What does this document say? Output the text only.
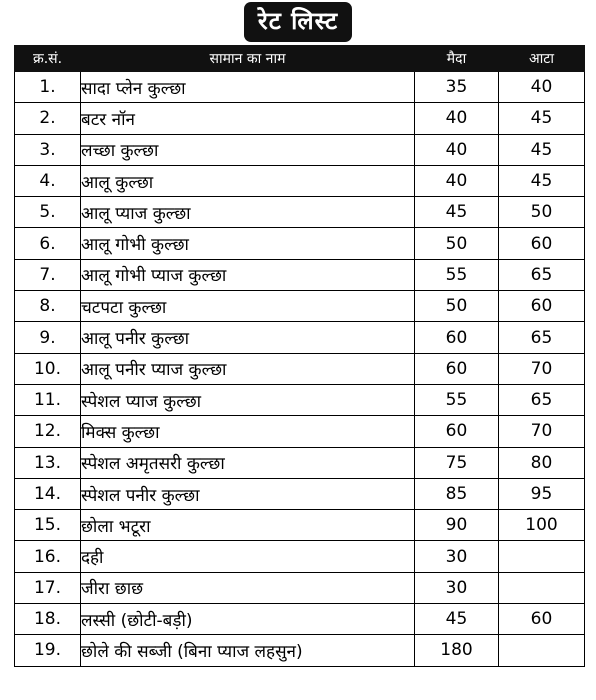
रेट लिस्ट
क्र.सं.	सामान का नाम	मैदा	आटा
1.	सादा प्लेन कुल्छा	35	40
2.	बटर नॉन	40	45
3.	लच्छा कुल्छा	40	45
4.	आलू कुल्छा	40	45
5.	आलू प्याज कुल्छा	45	50
6.	आलू गोभी कुल्छा	50	60
7.	आलू गोभी प्याज कुल्छा	55	65
8.	चटपटा कुल्छा	50	60
9.	आलू पनीर कुल्छा	60	65
10.	आलू पनीर प्याज कुल्छा	60	70
11.	स्पेशल प्याज कुल्छा	55	65
12.	मिक्स कुल्छा	60	70
13.	स्पेशल अमृतसरी कुल्छा	75	80
14.	स्पेशल पनीर कुल्छा	85	95
15.	छोला भटूरा	90	100
16.	दही	30	
17.	जीरा छाछ	30	
18.	लस्सी (छोटी-बड़ी)	45	60
19.	छोले की सब्जी (बिना प्याज लहसुन)	180	
